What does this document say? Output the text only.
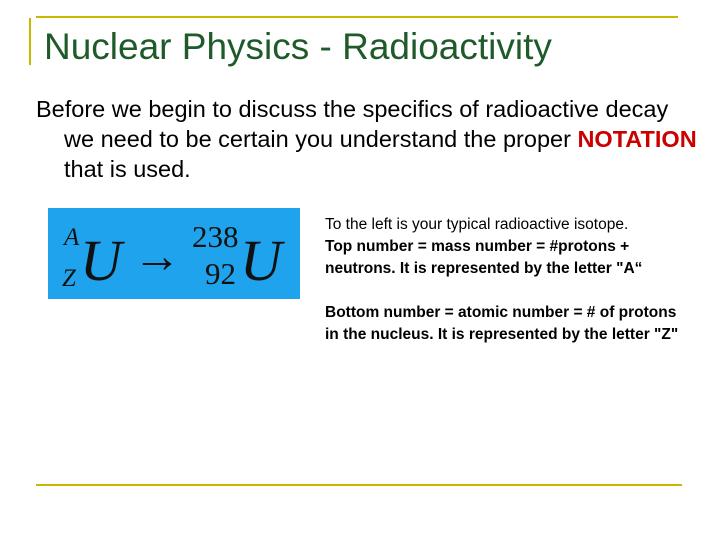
Nuclear Physics - Radioactivity
Before we begin to discuss the specifics of radioactive decay we need to be certain you understand the proper NOTATION that is used.
A
Z U → 238
92 U

To the left is your typical radioactive isotope.

Top number = mass number = #protons + neutrons. It is represented by the letter "A“

Bottom number = atomic number = # of protons in the nucleus. It is represented by the letter "Z"
